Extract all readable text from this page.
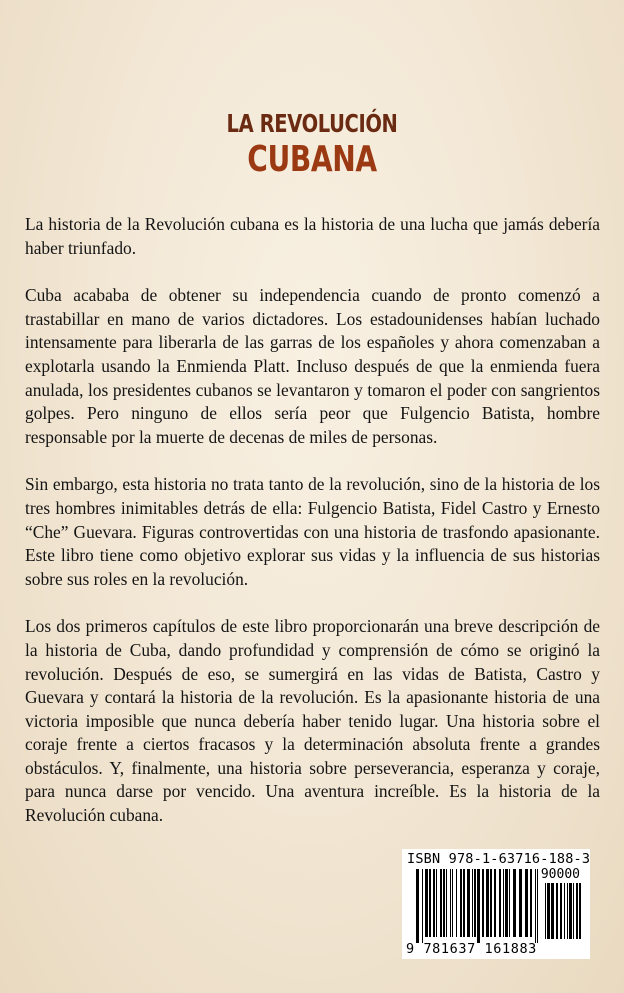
LA REVOLUCIÓN
CUBANA

La historia de la Revolución cubana es la historia de una lucha que jamás debería haber triunfado.

Cuba acababa de obtener su independencia cuando de pronto comenzó a trastabillar en mano de varios dictadores. Los estadounidenses habían luchado intensamente para liberarla de las garras de los españoles y ahora comenzaban a explotarla usando la Enmienda Platt. Incluso después de que la enmienda fuera anulada, los presidentes cubanos se levantaron y tomaron el poder con sangrientos golpes. Pero ninguno de ellos sería peor que Fulgencio Batista, hombre responsable por la muerte de decenas de miles de personas.

Sin embargo, esta historia no trata tanto de la revolución, sino de la historia de los tres hombres inimitables detrás de ella: Fulgencio Batista, Fidel Castro y Ernesto “Che” Guevara. Figuras controvertidas con una historia de trasfondo apasionante. Este libro tiene como objetivo explorar sus vidas y la influencia de sus historias sobre sus roles en la revolución.

Los dos primeros capítulos de este libro proporcionarán una breve descripción de la historia de Cuba, dando profundidad y comprensión de cómo se originó la revolución. Después de eso, se sumergirá en las vidas de Batista, Castro y Guevara y contará la historia de la revolución. Es la apasionante historia de una victoria imposible que nunca debería haber tenido lugar. Una historia sobre el coraje frente a ciertos fracasos y la determinación absoluta frente a grandes obstáculos. Y, finalmente, una historia sobre perseverancia, esperanza y coraje, para nunca darse por vencido. Una aventura increíble. Es la historia de la Revolución cubana.

ISBN 978-1-63716-188-3
90000
9 781637 161883
